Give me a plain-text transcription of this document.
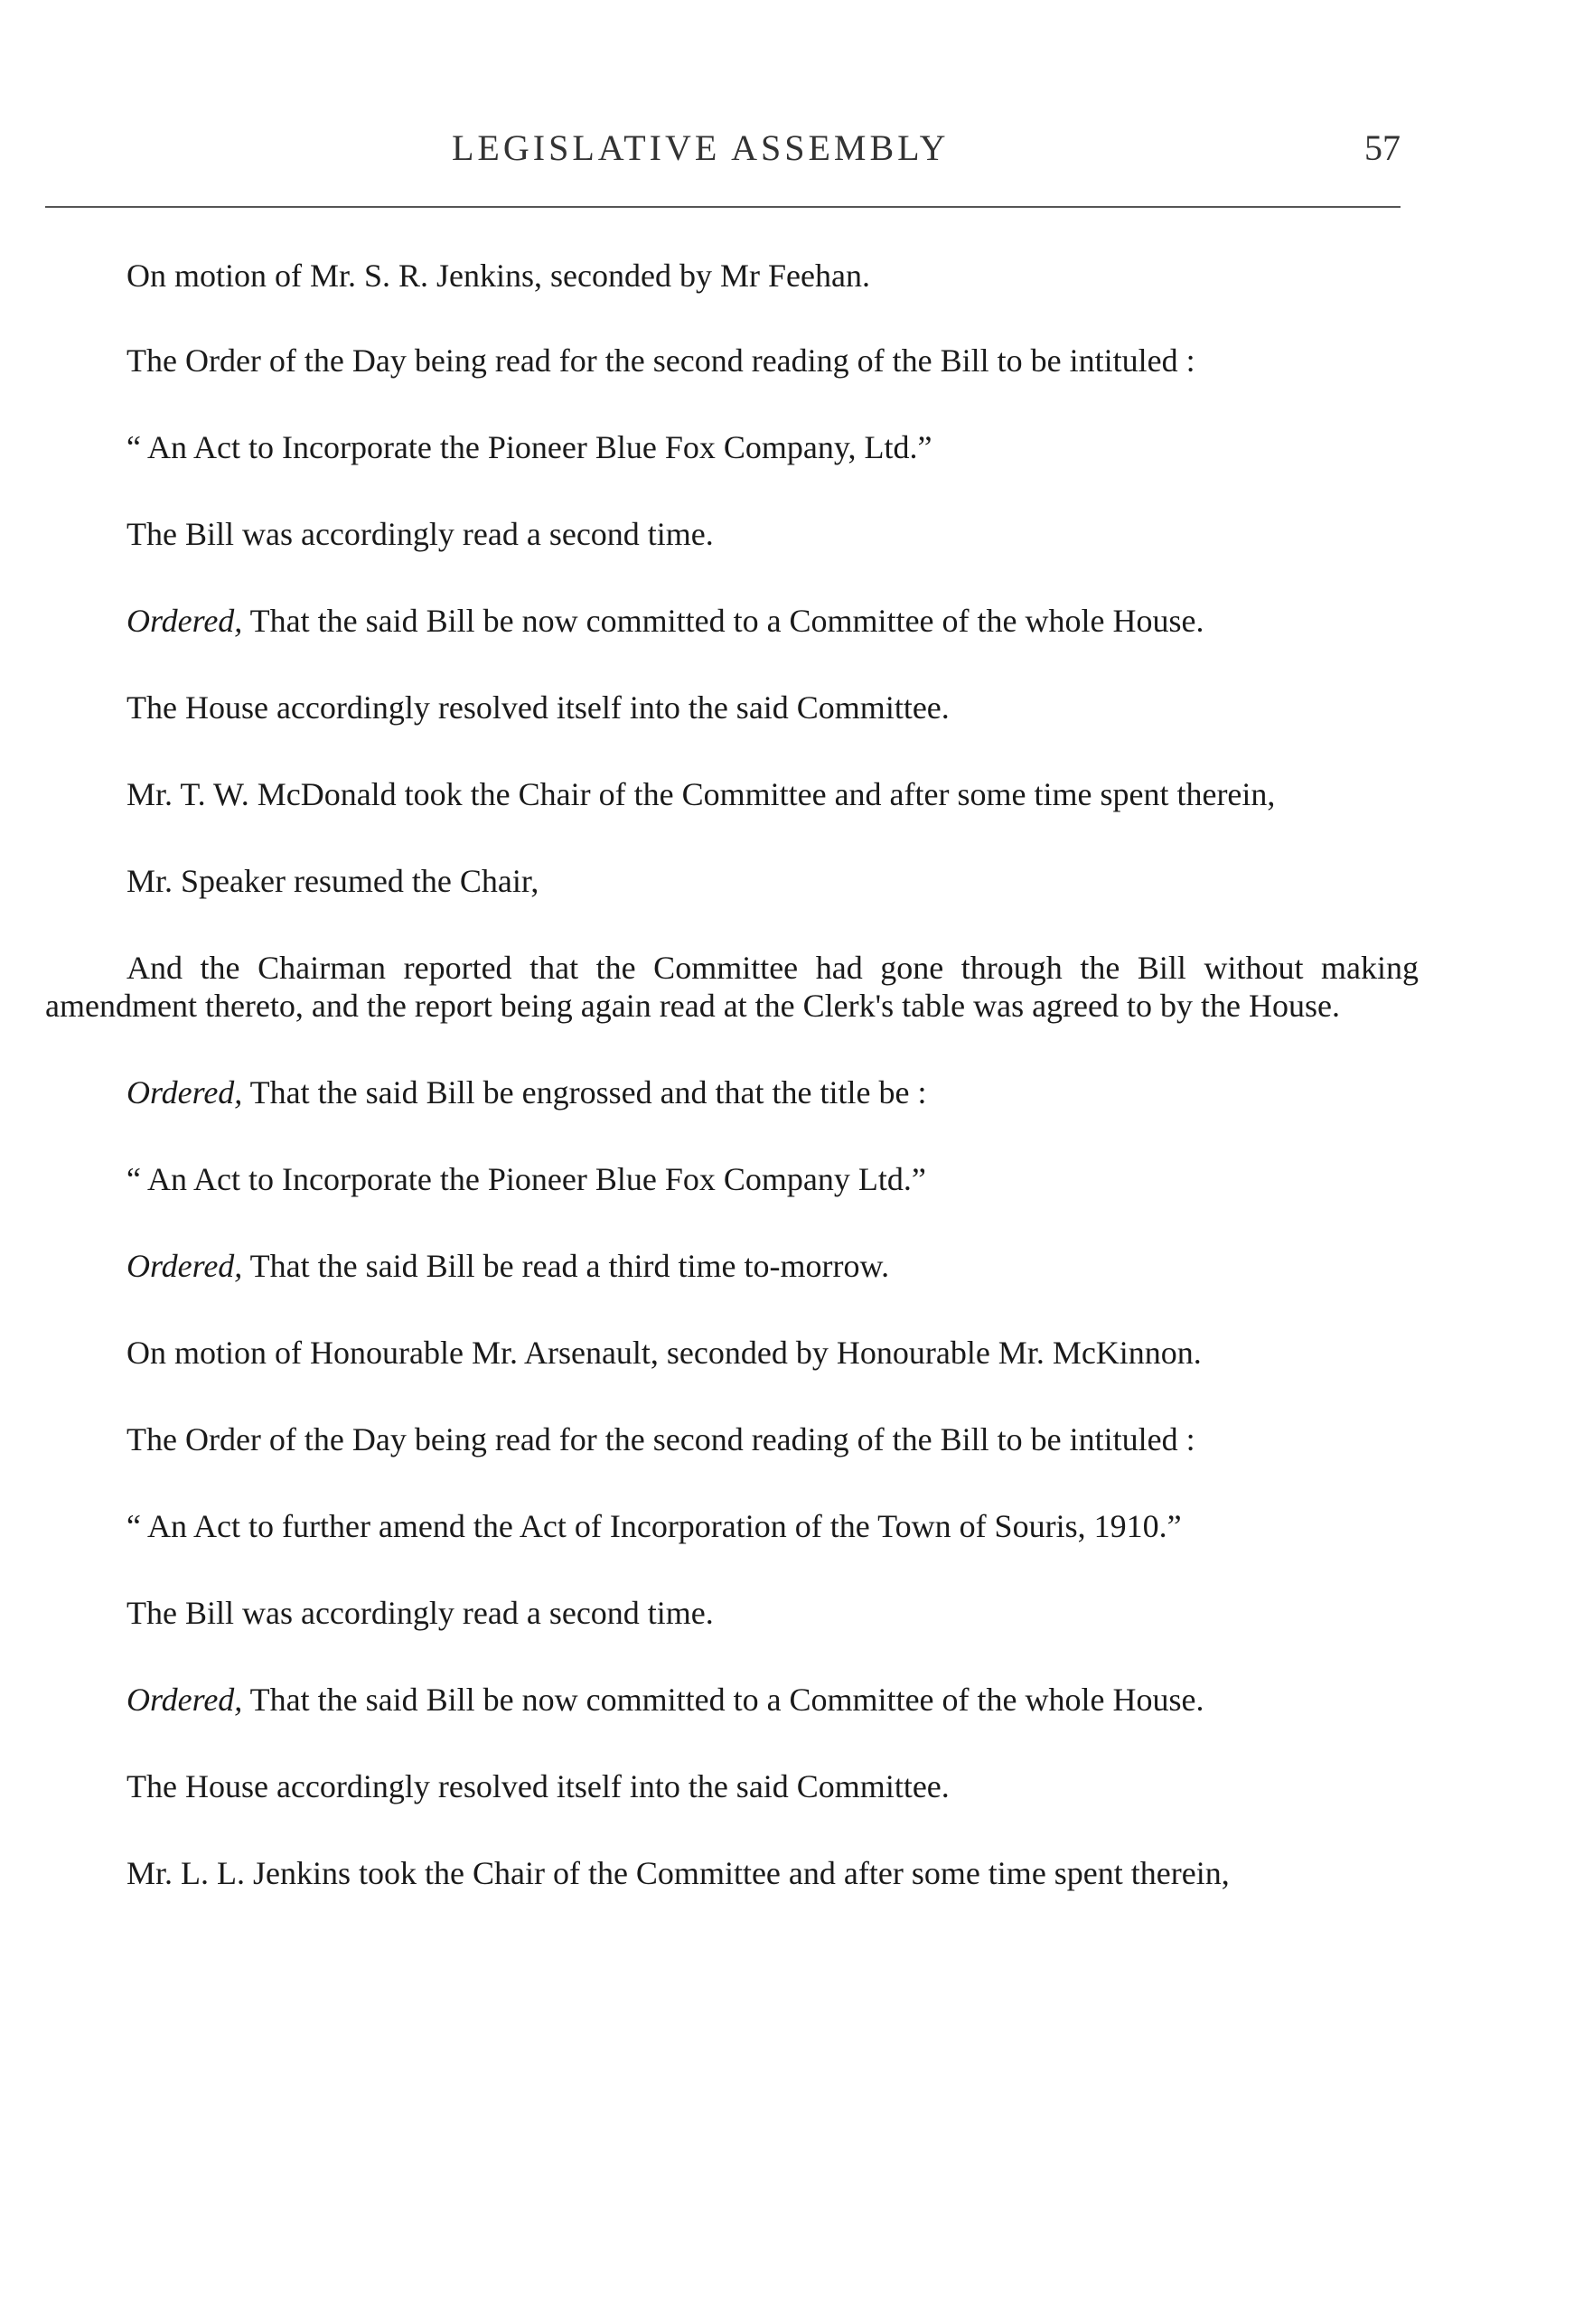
LEGISLATIVE ASSEMBLY	57

On motion of Mr. S. R. Jenkins, seconded by Mr Feehan.

The Order of the Day being read for the second reading of the Bill to be intituled :

“ An Act to Incorporate the Pioneer Blue Fox Company, Ltd.”

The Bill was accordingly read a second time.

Ordered, That the said Bill be now committed to a Committee of the whole House.

The House accordingly resolved itself into the said Committee.

Mr. T. W. McDonald took the Chair of the Committee and after some time spent therein,

Mr. Speaker resumed the Chair,

And the Chairman reported that the Committee had gone through the Bill without making amendment thereto, and the report being again read at the Clerk's table was agreed to by the House.

Ordered, That the said Bill be engrossed and that the title be :

“ An Act to Incorporate the Pioneer Blue Fox Company Ltd.”

Ordered, That the said Bill be read a third time to-morrow.

On motion of Honourable Mr. Arsenault, seconded by Honourable Mr. McKinnon.

The Order of the Day being read for the second reading of the Bill to be intituled :

“ An Act to further amend the Act of Incorporation of the Town of Souris, 1910.”

The Bill was accordingly read a second time.

Ordered, That the said Bill be now committed to a Committee of the whole House.

The House accordingly resolved itself into the said Committee.

Mr. L. L. Jenkins took the Chair of the Committee and after some time spent therein,
